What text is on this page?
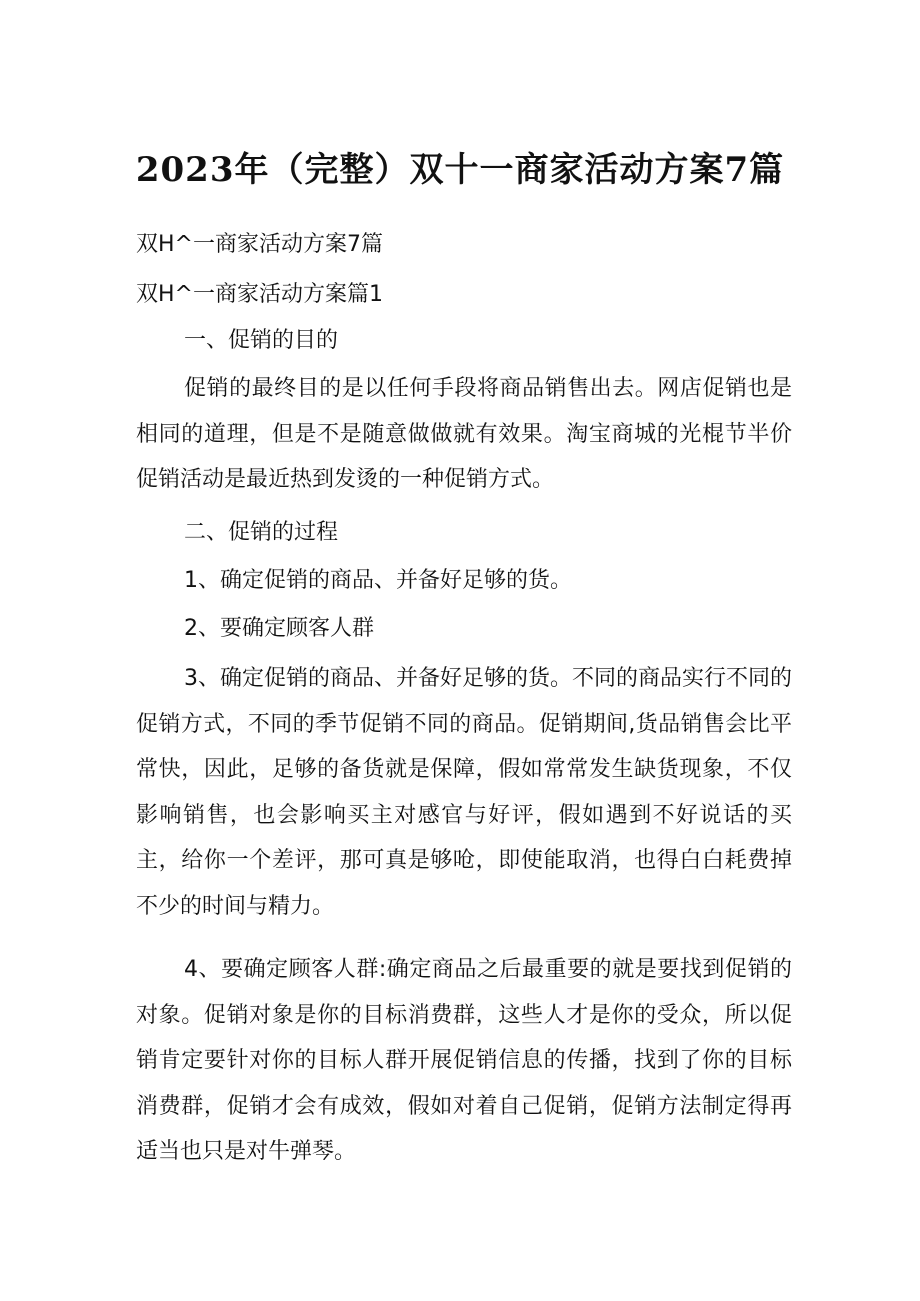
2023年（完整）双十一商家活动方案7篇
双H^一商家活动方案7篇
双H^一商家活动方案篇1
一、促销的目的
促销的最终目的是以任何手段将商品销售出去。网店促销也是相同的道理，但是不是随意做做就有效果。淘宝商城的光棍节半价促销活动是最近热到发烫的一种促销方式。
二、促销的过程
1、确定促销的商品、并备好足够的货。
2、要确定顾客人群
3、确定促销的商品、并备好足够的货。不同的商品实行不同的促销方式，不同的季节促销不同的商品。促销期间,货品销售会比平常快，因此，足够的备货就是保障，假如常常发生缺货现象，不仅影响销售，也会影响买主对感官与好评，假如遇到不好说话的买主，给你一个差评，那可真是够呛，即使能取消，也得白白耗费掉不少的时间与精力。
4、要确定顾客人群:确定商品之后最重要的就是要找到促销的对象。促销对象是你的目标消费群，这些人才是你的受众，所以促销肯定要针对你的目标人群开展促销信息的传播，找到了你的目标消费群，促销才会有成效，假如对着自己促销，促销方法制定得再适当也只是对牛弹琴。
